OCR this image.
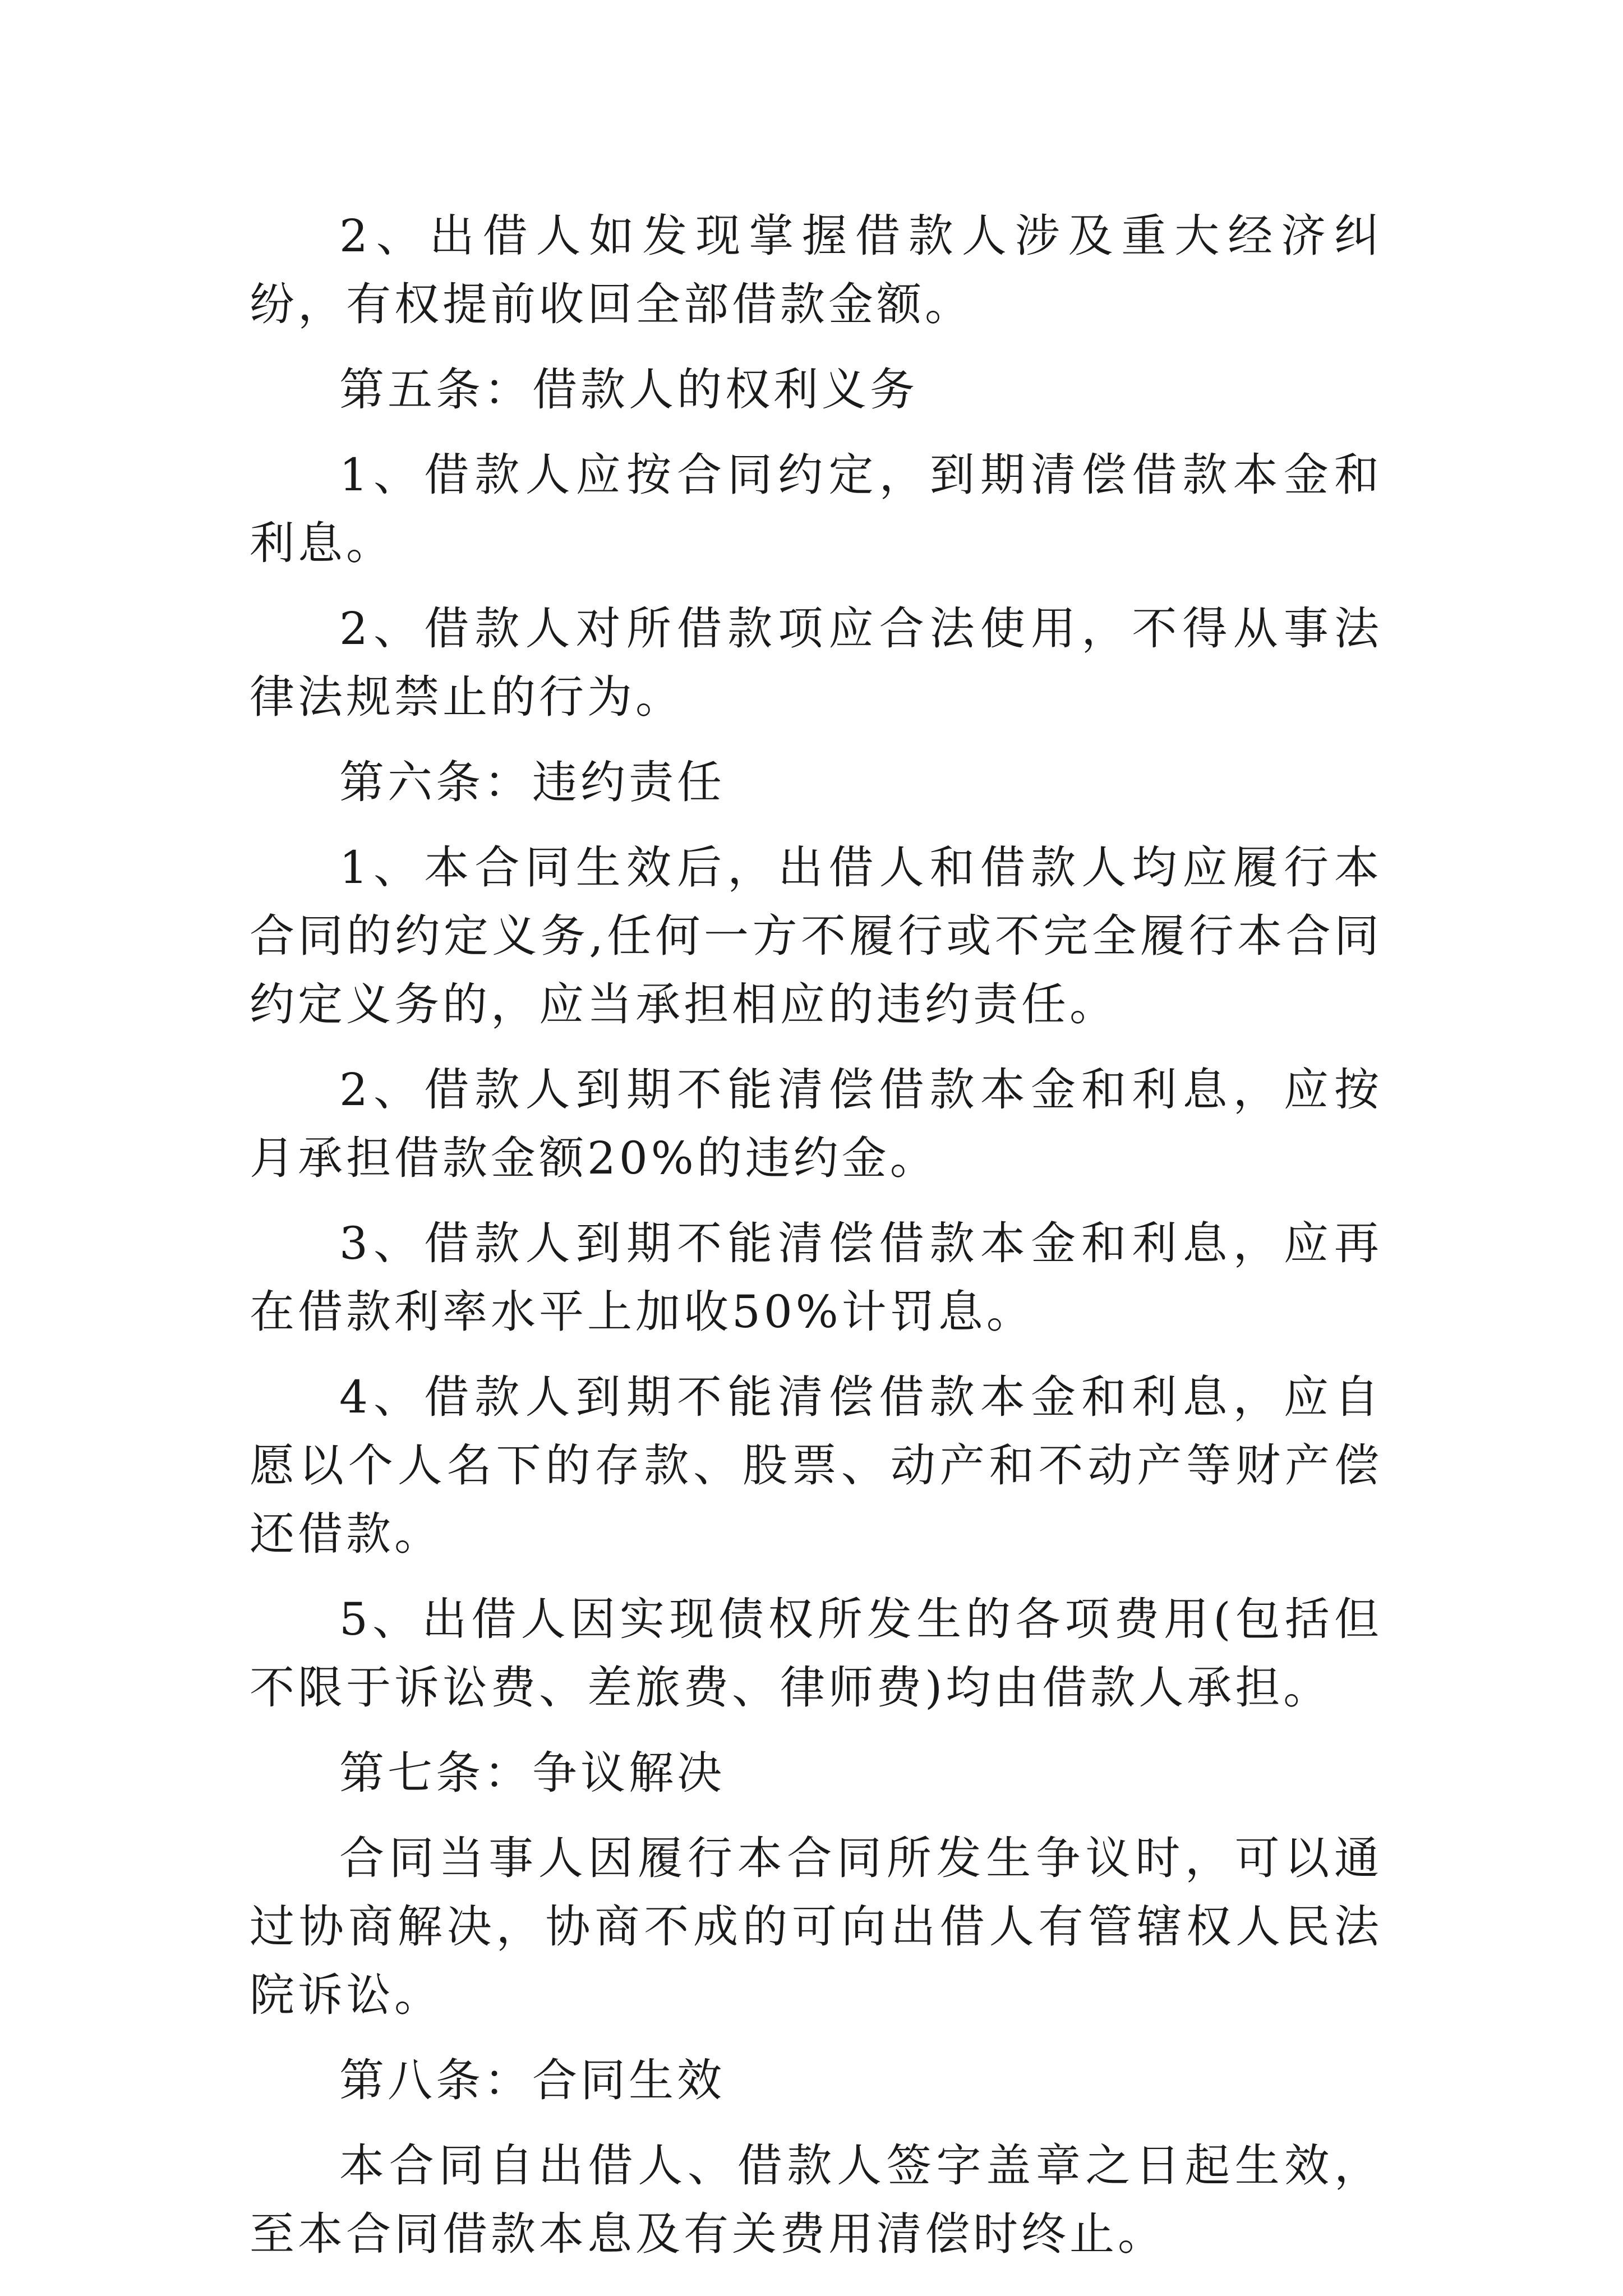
2、出借人如发现掌握借款人涉及重大经济纠纷，有权提前收回全部借款金额。

第五条：借款人的权利义务

1、借款人应按合同约定，到期清偿借款本金和利息。

2、借款人对所借款项应合法使用，不得从事法律法规禁止的行为。

第六条：违约责任

1、本合同生效后，出借人和借款人均应履行本合同的约定义务,任何一方不履行或不完全履行本合同约定义务的，应当承担相应的违约责任。

2、借款人到期不能清偿借款本金和利息，应按月承担借款金额20%的违约金。

3、借款人到期不能清偿借款本金和利息，应再在借款利率水平上加收50%计罚息。

4、借款人到期不能清偿借款本金和利息，应自愿以个人名下的存款、股票、动产和不动产等财产偿还借款。

5、出借人因实现债权所发生的各项费用(包括但不限于诉讼费、差旅费、律师费)均由借款人承担。

第七条：争议解决

合同当事人因履行本合同所发生争议时，可以通过协商解决，协商不成的可向出借人有管辖权人民法院诉讼。

第八条：合同生效

本合同自出借人、借款人签字盖章之日起生效，至本合同借款本息及有关费用清偿时终止。
